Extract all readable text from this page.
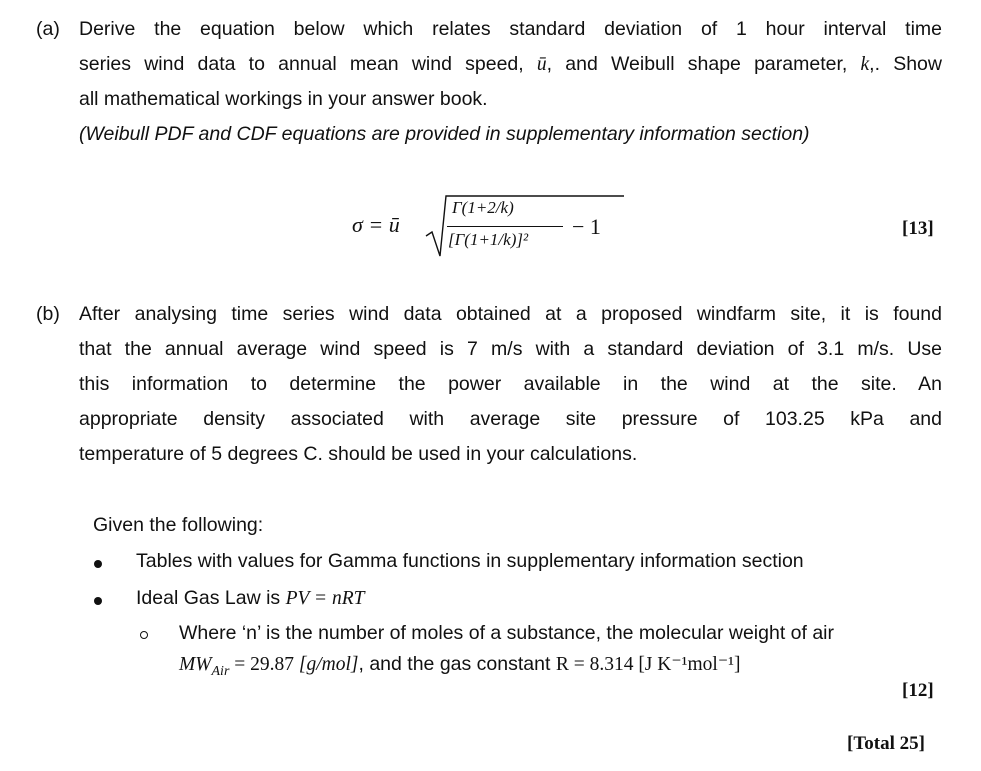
(a) Derive the equation below which relates standard deviation of 1 hour interval time
series wind data to annual mean wind speed, ū, and Weibull shape parameter, k,. Show
all mathematical workings in your answer book.
(Weibull PDF and CDF equations are provided in supplementary information section)
σ = ū
Γ(1+2/k)
[Γ(1+1/k)]²
− 1	[13]
(b) After analysing time series wind data obtained at a proposed windfarm site, it is found
that the annual average wind speed is 7 m/s with a standard deviation of 3.1 m/s. Use
this information to determine the power available in the wind at the site. An
appropriate density associated with average site pressure of 103.25 kPa and
temperature of 5 degrees C. should be used in your calculations.
Given the following:
Tables with values for Gamma functions in supplementary information section
Ideal Gas Law is PV = nRT
Where ‘n’ is the number of moles of a substance, the molecular weight of air
$MW_{Air} = 29.87$ [g/mol], and the gas constant R = 8.314 [J K⁻¹mol⁻¹]
[12]
[Total 25]
